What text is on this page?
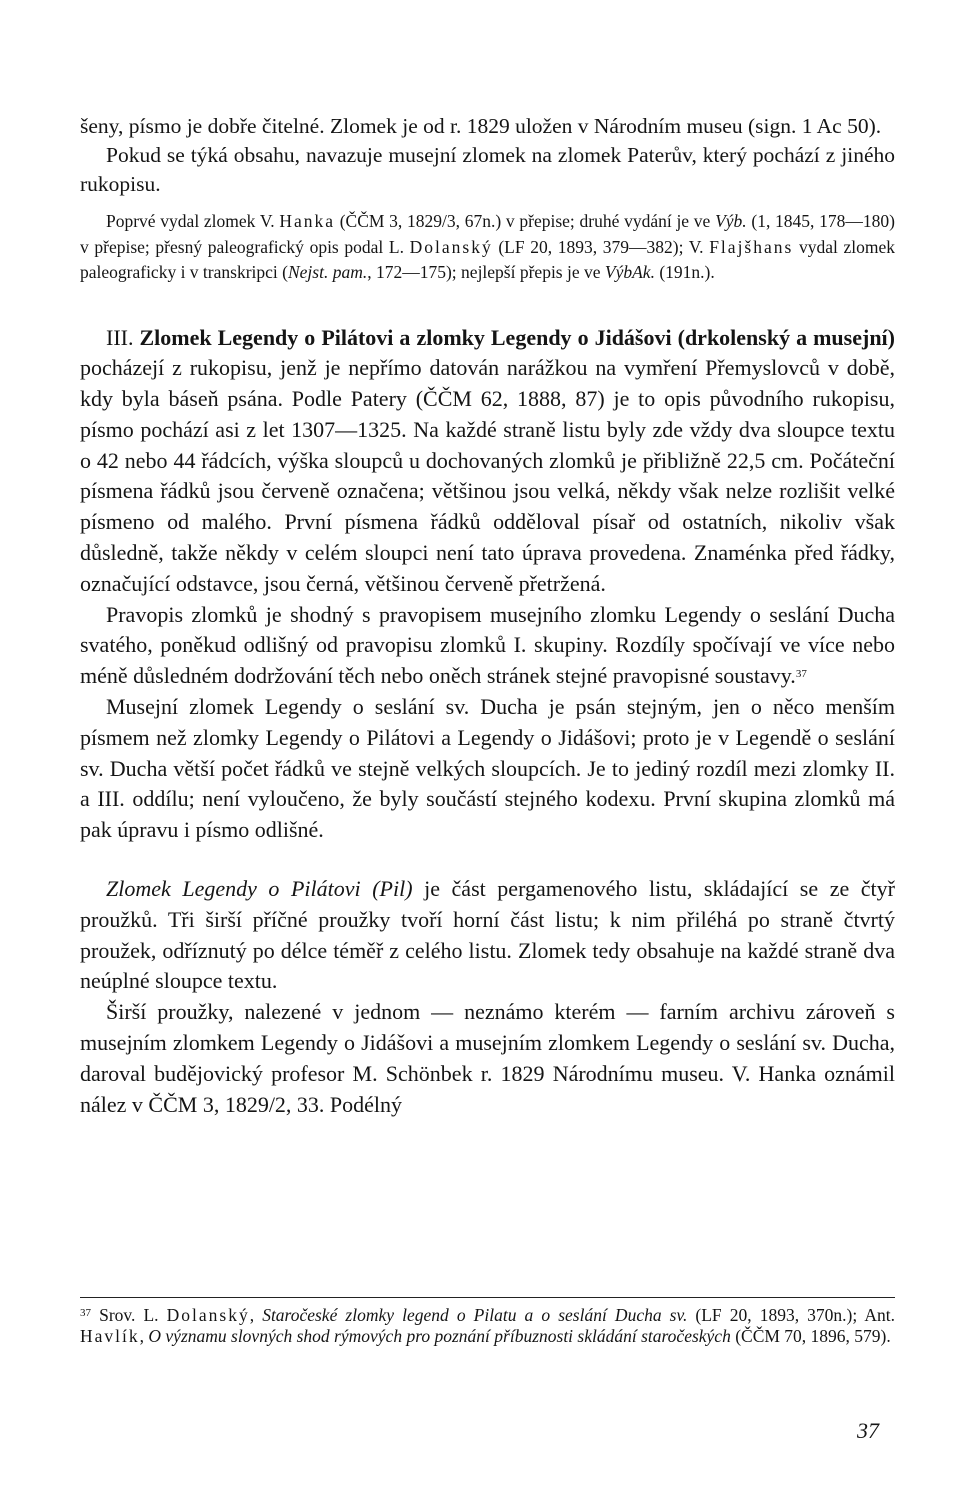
šeny, písmo je dobře čitelné. Zlomek je od r. 1829 uložen v Národním museu (sign. 1 Ac 50).

Pokud se týká obsahu, navazuje musejní zlomek na zlomek Paterův, který pochází z jiného rukopisu.

Poprvé vydal zlomek V. Hanka (ČČM 3, 1829/3, 67n.) v přepise; druhé vydání je ve Výb. (1, 1845, 178—180) v přepise; přesný paleografický opis podal L. Dolanský (LF 20, 1893, 379—382); V. Flajšhans vydal zlomek paleograficky i v transkripci (Nejst. pam., 172—175); nejlepší přepis je ve VýbAk. (191n.).

III. Zlomek Legendy o Pilátovi a zlomky Legendy o Jidášovi (drkolenský a musejní) pocházejí z rukopisu, jenž je nepřímo datován narážkou na vymření Přemyslovců v době, kdy byla báseň psána. Podle Patery (ČČM 62, 1888, 87) je to opis původního rukopisu, písmo pochází asi z let 1307—1325. Na každé straně listu byly zde vždy dva sloupce textu o 42 nebo 44 řádcích, výška sloupců u dochovaných zlomků je přibližně 22,5 cm. Počáteční písmena řádků jsou červeně označena; většinou jsou velká, někdy však nelze rozlišit velké písmeno od malého. První písmena řádků odděloval písař od ostatních, nikoliv však důsledně, takže někdy v celém sloupci není tato úprava provedena. Znaménka před řádky, označující odstavce, jsou černá, většinou červeně přetržená.

Pravopis zlomků je shodný s pravopisem musejního zlomku Legendy o seslání Ducha svatého, poněkud odlišný od pravopisu zlomků I. skupiny. Rozdíly spočívají ve více nebo méně důsledném dodržování těch nebo oněch stránek stejné pravopisné soustavy.$^{37}$

Musejní zlomek Legendy o seslání sv. Ducha je psán stejným, jen o něco menším písmem než zlomky Legendy o Pilátovi a Legendy o Jidášovi; proto je v Legendě o seslání sv. Ducha větší počet řádků ve stejně velkých sloupcích. Je to jediný rozdíl mezi zlomky II. a III. oddílu; není vyloučeno, že byly součástí stejného kodexu. První skupina zlomků má pak úpravu i písmo odlišné.

Zlomek Legendy o Pilátovi (Pil) je část pergamenového listu, skládající se ze čtyř proužků. Tři širší příčné proužky tvoří horní část listu; k nim přiléhá po straně čtvrtý proužek, odříznutý po délce téměř z celého listu. Zlomek tedy obsahuje na každé straně dva neúplné sloupce textu.

Širší proužky, nalezené v jednom — neznámo kterém — farním archivu zároveň s musejním zlomkem Legendy o Jidášovi a musejním zlomkem Legendy o seslání sv. Ducha, daroval budějovický profesor M. Schönbek r. 1829 Národnímu museu. V. Hanka oznámil nález v ČČM 3, 1829/2, 33. Podélný

$^{37}$ Srov. L. Dolanský, Staročeské zlomky legend o Pilatu a o seslání Ducha sv. (LF 20, 1893, 370n.); Ant. Havlík, O významu slovných shod rýmových pro poznání příbuznosti skládání staročeských (ČČM 70, 1896, 579).

37
